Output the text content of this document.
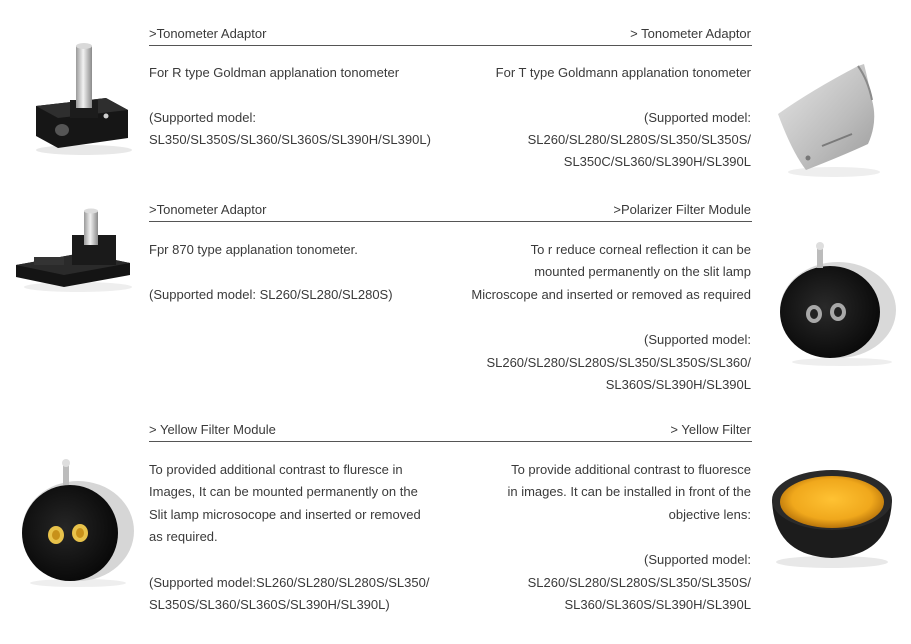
>Tonometer Adaptor	> Tonometer Adaptor
For R type Goldman applanation tonometer	For T type Goldmann applanation tonometer
(Supported model:
SL350/SL350S/SL360/SL360S/SL390H/SL390L)
(Supported model:
SL260/SL280/SL280S/SL350/SL350S/
SL350C/SL360/SL390H/SL390L
>Tonometer Adaptor	>Polarizer Filter Module
Fpr 870 type applanation tonometer.
(Supported model: SL260/SL280/SL280S)
To r reduce corneal reflection it can be
mounted permanently on the slit lamp
Microscope and inserted or removed as required
(Supported model:
SL260/SL280/SL280S/SL350/SL350S/SL360/
SL360S/SL390H/SL390L
> Yellow Filter Module	> Yellow Filter
To provided additional contrast to fluresce in
Images, It can be mounted permanently on the
Slit lamp microsocope and inserted or removed
as required.
(Supported model:SL260/SL280/SL280S/SL350/
SL350S/SL360/SL360S/SL390H/SL390L)
To provide additional contrast to fluoresce
in images. It can be installed in front of the
objective lens:
(Supported model:
SL260/SL280/SL280S/SL350/SL350S/
SL360/SL360S/SL390H/SL390L
